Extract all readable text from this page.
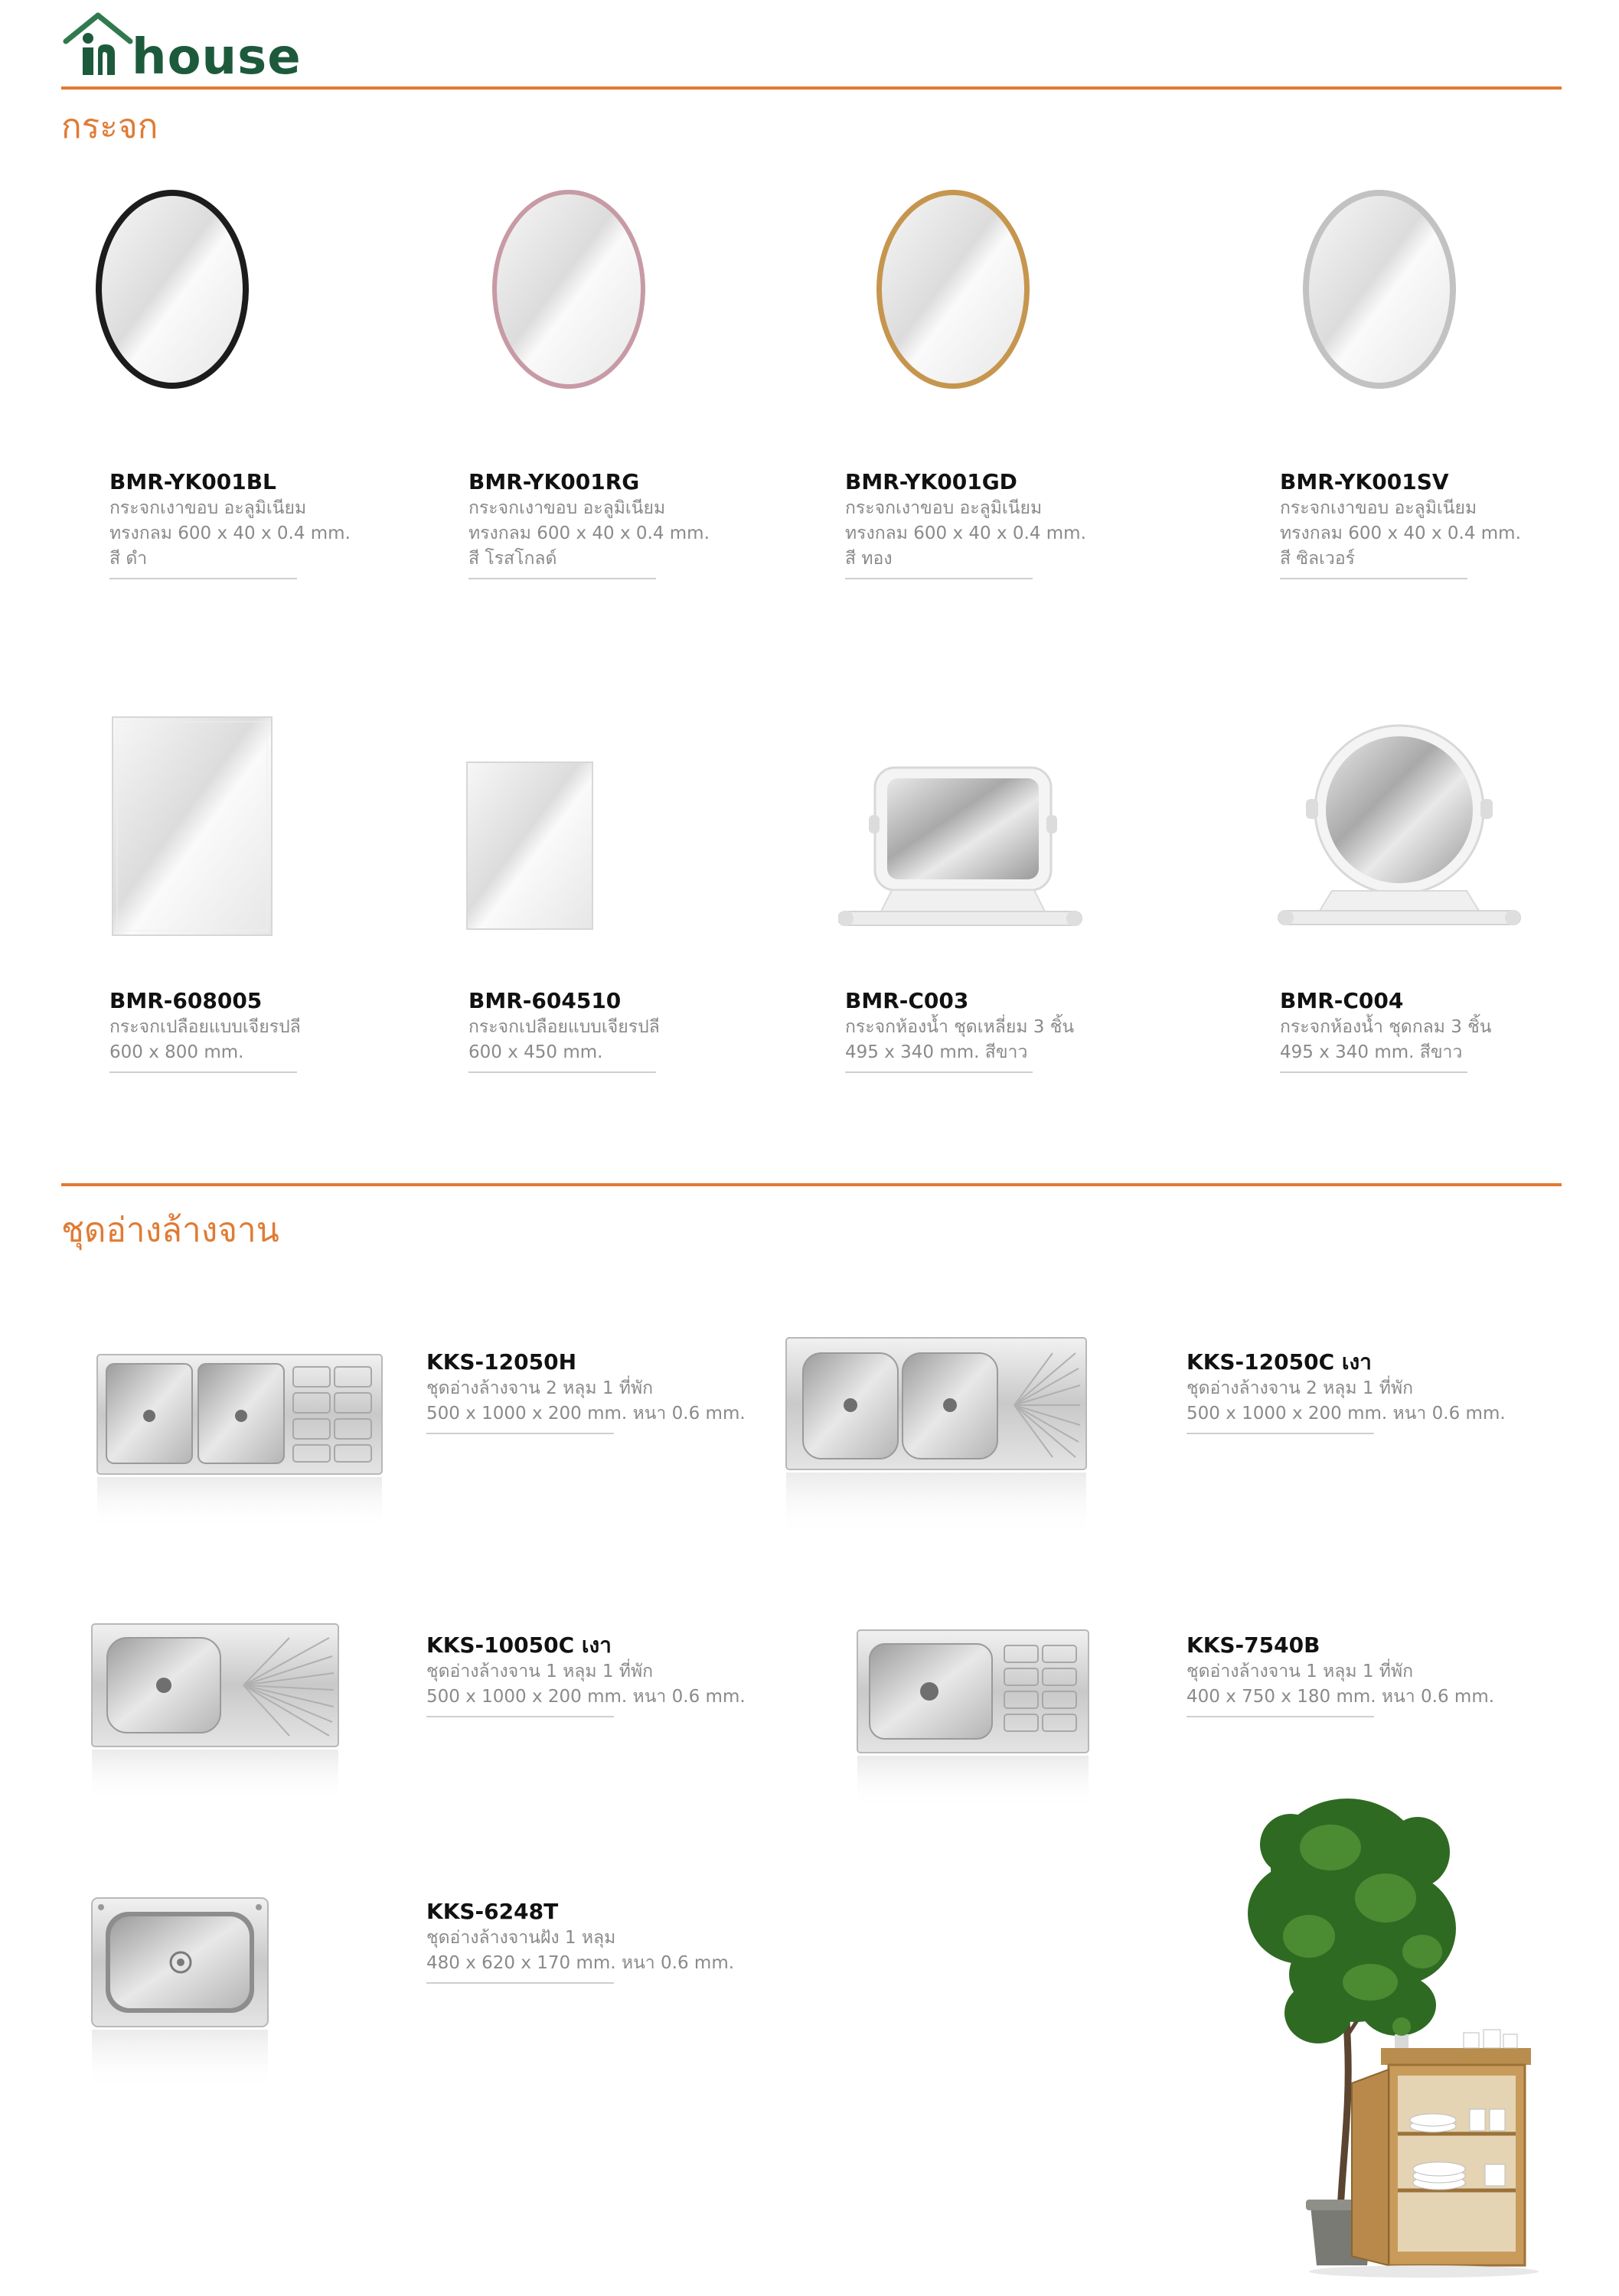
house
กระจก
BMR-YK001BL
กระจกเงาขอบ อะลูมิเนียม
ทรงกลม 600 x 40 x 0.4 mm.
สี ดำ
BMR-YK001RG
กระจกเงาขอบ อะลูมิเนียม
ทรงกลม 600 x 40 x 0.4 mm.
สี โรสโกลด์
BMR-YK001GD
กระจกเงาขอบ อะลูมิเนียม
ทรงกลม 600 x 40 x 0.4 mm.
สี ทอง
BMR-YK001SV
กระจกเงาขอบ อะลูมิเนียม
ทรงกลม 600 x 40 x 0.4 mm.
สี ซิลเวอร์
BMR-608005
กระจกเปลือยแบบเจียรปลี
600 x 800 mm.
BMR-604510
กระจกเปลือยแบบเจียรปลี
600 x 450 mm.
BMR-C003
กระจกห้องน้ำ ชุดเหลี่ยม 3 ชิ้น
495 x 340 mm. สีขาว
BMR-C004
กระจกห้องน้ำ ชุดกลม 3 ชิ้น
495 x 340 mm. สีขาว
ชุดอ่างล้างจาน
KKS-12050H
ชุดอ่างล้างจาน 2 หลุม 1 ที่พัก
500 x 1000 x 200 mm. หนา 0.6 mm.
KKS-12050C เงา
ชุดอ่างล้างจาน 2 หลุม 1 ที่พัก
500 x 1000 x 200 mm. หนา 0.6 mm.
KKS-10050C เงา
ชุดอ่างล้างจาน 1 หลุม 1 ที่พัก
500 x 1000 x 200 mm. หนา 0.6 mm.
KKS-7540B
ชุดอ่างล้างจาน 1 หลุม 1 ที่พัก
400 x 750 x 180 mm. หนา 0.6 mm.
KKS-6248T
ชุดอ่างล้างจานฝัง 1 หลุม
480 x 620 x 170 mm. หนา 0.6 mm.
